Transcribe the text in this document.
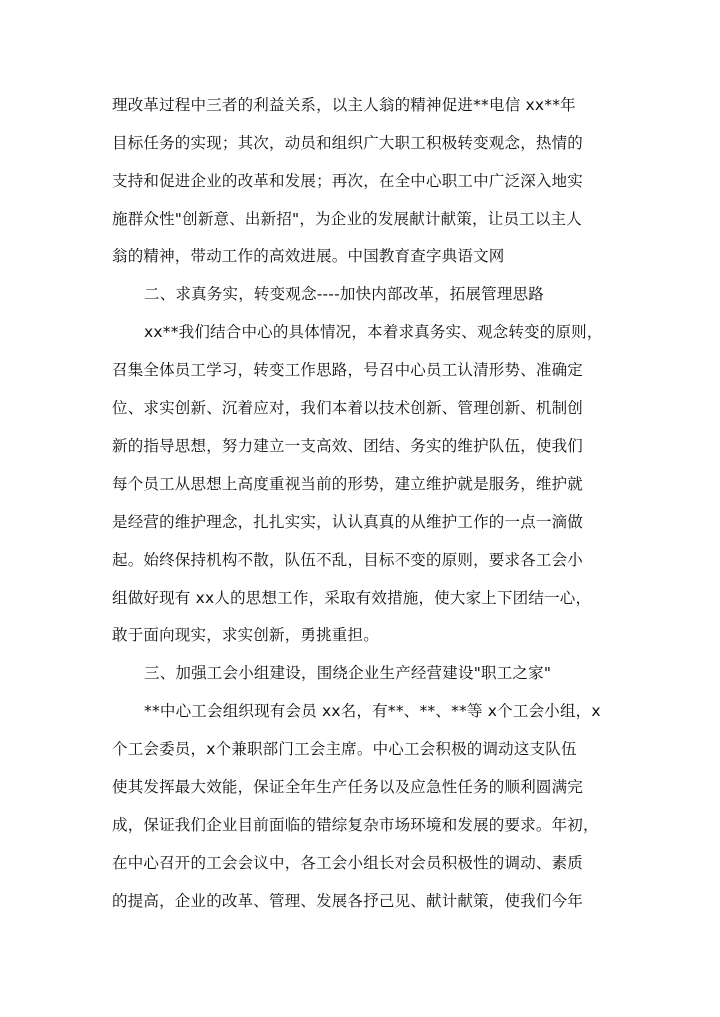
理改革过程中三者的利益关系，以主人翁的精神促进**电信 xx**年
目标任务的实现；其次，动员和组织广大职工积极转变观念，热情的
支持和促进企业的改革和发展；再次，在全中心职工中广泛深入地实
施群众性"创新意、出新招"，为企业的发展献计献策，让员工以主人
翁的精神，带动工作的高效进展。中国教育查字典语文网
二、求真务实，转变观念----加快内部改革，拓展管理思路
xx**我们结合中心的具体情况，本着求真务实、观念转变的原则，
召集全体员工学习，转变工作思路，号召中心员工认清形势、准确定
位、求实创新、沉着应对，我们本着以技术创新、管理创新、机制创
新的指导思想，努力建立一支高效、团结、务实的维护队伍，使我们
每个员工从思想上高度重视当前的形势，建立维护就是服务，维护就
是经营的维护理念，扎扎实实，认认真真的从维护工作的一点一滴做
起。始终保持机构不散，队伍不乱，目标不变的原则，要求各工会小
组做好现有 xx人的思想工作，采取有效措施，使大家上下团结一心，
敢于面向现实，求实创新，勇挑重担。
三、加强工会小组建设，围绕企业生产经营建设"职工之家"
**中心工会组织现有会员 xx名，有**、**、**等 x个工会小组，x
个工会委员，x个兼职部门工会主席。中心工会积极的调动这支队伍
使其发挥最大效能，保证全年生产任务以及应急性任务的顺利圆满完
成，保证我们企业目前面临的错综复杂市场环境和发展的要求。年初，
在中心召开的工会会议中，各工会小组长对会员积极性的调动、素质
的提高，企业的改革、管理、发展各抒己见、献计献策，使我们今年
